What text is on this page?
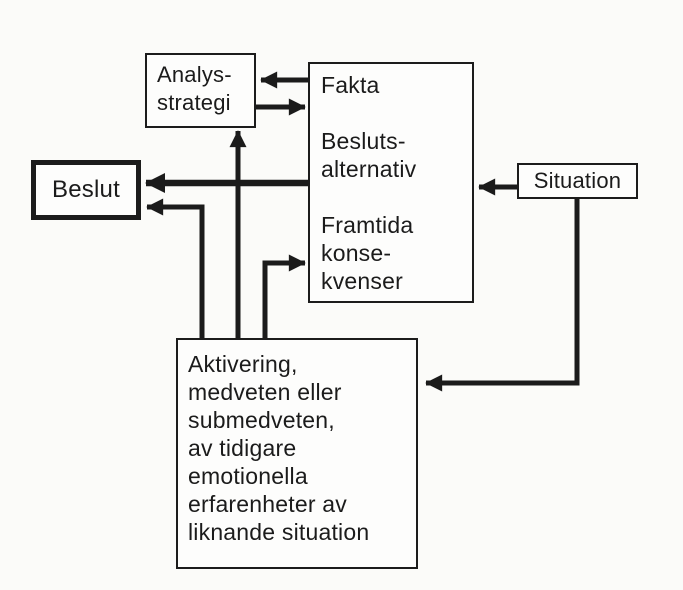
Beslut
Analys-
strategi
Fakta
Besluts-
alternativ
Framtida
konse-
kvenser
Situation
Aktivering,
medveten eller
submedveten,
av tidigare
emotionella
erfarenheter av
liknande situation
